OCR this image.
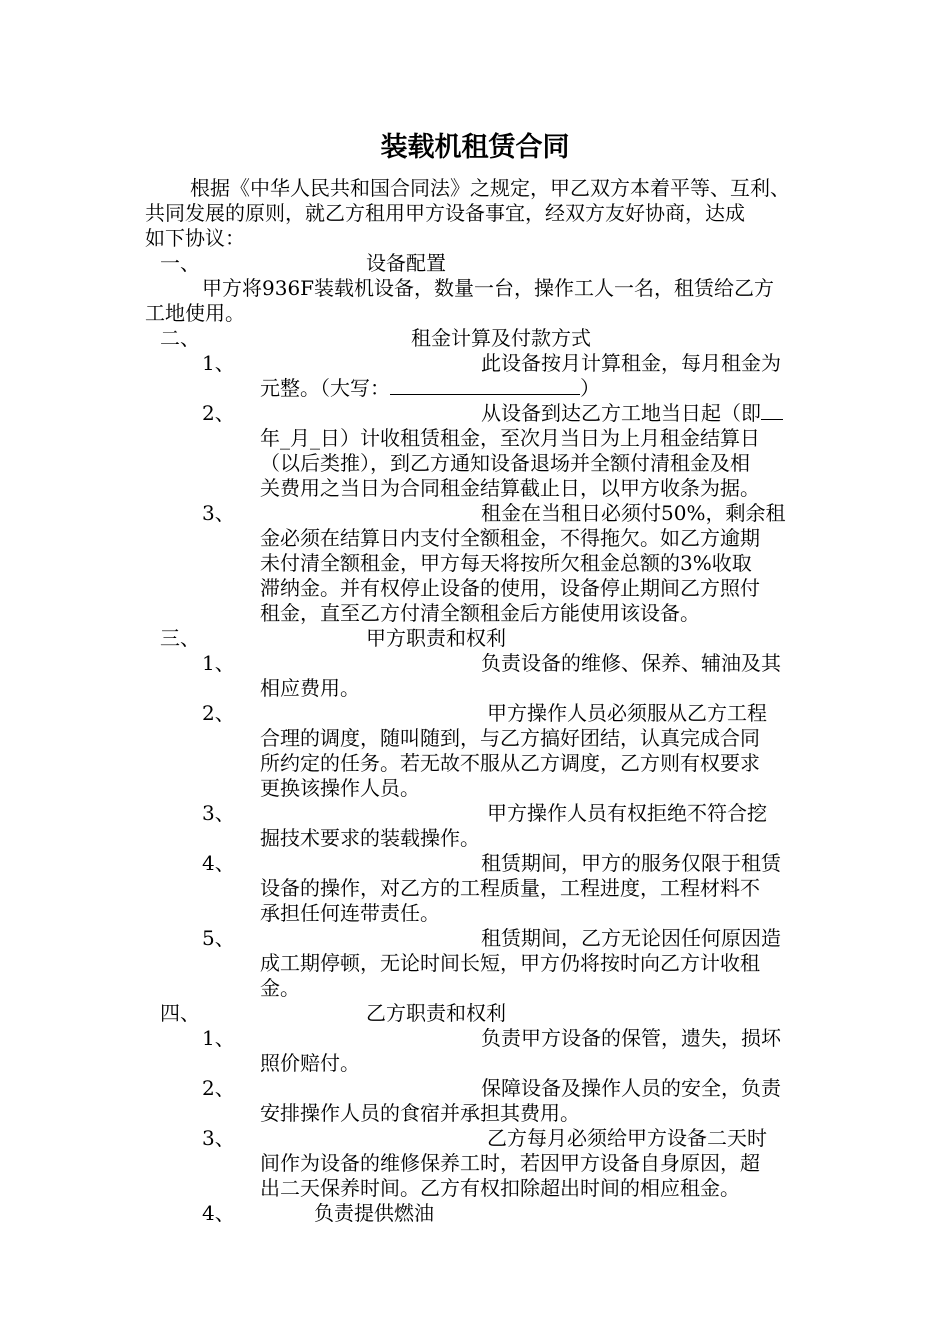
装载机租赁合同
根据《中华人民共和国合同法》之规定，甲乙双方本着平等、互利、
共同发展的原则，就乙方租用甲方设备事宜，经双方友好协商，达成
如下协议：
一、	设备配置
甲方将936F装载机设备，数量一台，操作工人一名，租赁给乙方
工地使用。
二、	租金计算及付款方式
1、	此设备按月计算租金，每月租金为
元整。（大写：	）
2、	从设备到达乙方工地当日起（即
年_月_日）计收租赁租金，至次月当日为上月租金结算日
（以后类推），到乙方通知设备退场并全额付清租金及相
关费用之当日为合同租金结算截止日，以甲方收条为据。
3、	租金在当租日必须付50%，剩余租
金必须在结算日内支付全额租金，不得拖欠。如乙方逾期
未付清全额租金，甲方每天将按所欠租金总额的3%收取
滞纳金。并有权停止设备的使用，设备停止期间乙方照付
租金，直至乙方付清全额租金后方能使用该设备。
三、	甲方职责和权利
1、	负责设备的维修、保养、辅油及其
相应费用。
2、	甲方操作人员必须服从乙方工程
合理的调度，随叫随到，与乙方搞好团结，认真完成合同
所约定的任务。若无故不服从乙方调度，乙方则有权要求
更换该操作人员。
3、	甲方操作人员有权拒绝不符合挖
掘技术要求的装载操作。
4、	租赁期间，甲方的服务仅限于租赁
设备的操作，对乙方的工程质量，工程进度，工程材料不
承担任何连带责任。
5、	租赁期间，乙方无论因任何原因造
成工期停顿，无论时间长短，甲方仍将按时向乙方计收租
金。
四、	乙方职责和权利
1、	负责甲方设备的保管，遗失，损坏
照价赔付。
2、	保障设备及操作人员的安全，负责
安排操作人员的食宿并承担其费用。
3、	乙方每月必须给甲方设备二天时
间作为设备的维修保养工时，若因甲方设备自身原因，超
出二天保养时间。乙方有权扣除超出时间的相应租金。
4、	负责提供燃油
